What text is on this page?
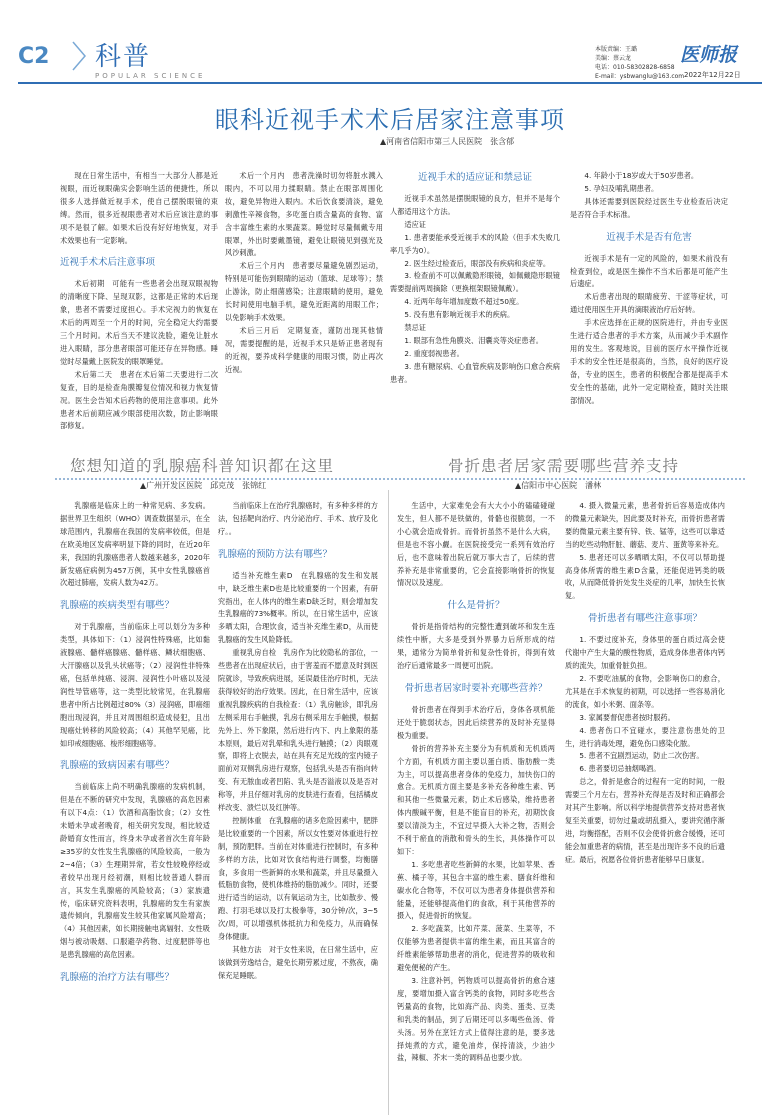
C2 科普
POPULAR SCIENCE
本版责编：王璐
美编：蔡云龙
电话：010-58302828-6858
E-mail：ysbwanglu@163.com
医师报
2022年12月22日
眼科近视手术术后居家注意事项
▲河南省信阳市第三人民医院　张含郁

现在日常生活中，有相当一大部分人都是近视眼，而近视眼确实会影响生活的便捷性，所以很多人选择做近视手术，使自己摆脱眼镜的束缚。然而，很多近视眼患者对术后应该注意的事项不是很了解。如果术后没有好好地恢复，对手术效果也有一定影响。

近视手术术后注意事项

术后初期　可能有一些患者会出现双眼视物的清晰度下降、呈现双影，这都是正常的术后现象，患者不需要过度担心。手术完视力的恢复在术后的两周至一个月的时间，完全稳定大约需要三个月时间。术后当天不建议洗脸，避免让脏水进入眼睛，部分患者眼部可能还存在异物感。睡觉时尽量戴上医院发的眼罩睡觉。

术后第二天　患者在术后第二天要进行二次复查，目的是检查角膜瓣复位情况和视力恢复情况。医生会告知术后药物的使用注意事项。此外患者术后前期应减少眼部使用次数，防止影响眼部修复。

术后一个月内　患者洗澡时切勿将脏水溅入眼内，不可以用力揉眼睛。禁止在眼部周围化妆，避免异物进入眼内。术后饮食要清淡，避免刺激性辛辣食物，多吃蛋白质含量高的食物、富含丰富维生素的水果蔬菜。睡觉时尽量佩戴专用眼罩，外出时要戴墨镜，避免让眼镜见到强光及风沙刺激。

术后三个月内　患者要尽量避免剧烈运动，特别是可能伤到眼睛的运动（篮球、足球等）；禁止游泳，防止细菌感染；注意眼睛的使用，避免长时间使用电脑手机，避免近距离的用眼工作；以免影响手术效果。

术后三月后　定期复查，谨防出现其他情况，需要提醒的是，近视手术只是矫正患者现有的近视，要养成科学健康的用眼习惯，防止再次近视。

近视手术的适应证和禁忌证

近视手术虽然是摆脱眼镜的良方，但并不是每个人都适用这个方法。

适应证

1. 患者要能承受近视手术的风险（但手术失败几率几乎为0）。

2. 医生经过检查后，眼部没有疾病和炎症等。

3. 检查前不可以佩戴隐形眼镜，如佩戴隐形眼镜需要提前两周摘除（更换框架眼镜佩戴）。

4. 近两年每年增加度数不超过50度。

5. 没有患有影响近视手术的疾病。

禁忌证

1. 眼部有急性角膜炎、泪囊炎等炎症患者。

2. 重度弱视患者。

3. 患有糖尿病、心血管疾病及影响伤口愈合疾病患者。

4. 年龄小于18岁或大于50岁患者。

5. 孕妇及哺乳期患者。

具体还需要到医院经过医生专业检查后决定是否符合手术标准。

近视手术是否有危害

近视手术是有一定的风险的，如果术前没有检查到位，或是医生操作不当术后都是可能产生后遗症。

术后患者出现的眼睛疲劳、干涩等症状，可通过使用医生开具的滴眼液治疗后好转。

手术应选择在正规的医院进行，并由专业医生进行适合患者的手术方案，从而减少手术副作用的发生。客观地说，目前的医疗水平操作近视手术的安全性还是很高的，当然，良好的医疗设备，专业的医生，患者的积极配合都是提高手术安全性的基础，此外一定定期检查，随时关注眼部情况。

您想知道的乳腺癌科普知识都在这里
▲广州开发区医院　邱克茂　张锦红

乳腺癌是临床上的一种常见病、多发病。据世界卫生组织（WHO）调查数据显示，在全球范围内，乳腺癌在我国的发病率较低，但是在欧美地区发病率明显下降的同时，在近20年来，我国的乳腺癌患者人数越来越多，2020年新发癌症病例为457万例，其中女性乳腺癌首次超过肺癌，发病人数为42万。

乳腺癌的疾病类型有哪些？

对于乳腺癌，当前临床上可以划分为多种类型，具体如下：（1）浸润性特殊癌，比如黏液腺癌、髓样癌腺癌、髓样癌、鳞状细胞癌、大汗腺癌以及乳头状癌等；（2）浸润性非特殊癌，包括单纯癌、浸润、浸润性小叶癌以及浸润性导管癌等，这一类型比较常见，在乳腺癌患者中所占比例超过80%（3）浸润癌，即癌细胞出现浸润，并且对周围组织造成侵犯，且出现癌灶转移的风险较高；（4）其他罕见癌，比如印戒细胞癌、梭形细胞癌等。

乳腺癌的致病因素有哪些？

当前临床上尚不明确乳腺癌的发病机制，但是在不断的研究中发现，乳腺癌的高危因素有以下4点：（1）饮酒和高脂饮食；（2）女性未婚未孕或者晚育，相关研究发现，相比较适龄婚育女性而言，终身未孕或者首次生育年龄≥35岁的女性发生乳腺癌的风险较高，一般为2~4倍；（3）生理期异常，若女性较晚停经或者较早出现月经初潮，则相比较普通人群而言，其发生乳腺癌的风险较高；（3）家族遗传，临床研究资料表明，乳腺癌的发生有家族遗传倾向，乳腺癌发生较其他家属风险增高；（4）其他因素，如长期接触电离辐射、女性吸烟与被动吸烟、口服避孕药物、过度肥胖等也是患乳腺癌的高危因素。

乳腺癌的治疗方法有哪些？

当前临床上在治疗乳腺癌时，有多种多样的方法，包括靶向治疗、内分泌治疗、手术、放疗及化疗。。

乳腺癌的预防方法有哪些？

适当补充维生素D　在乳腺癌的发生和发展中，缺乏维生素D也是比较重要的一个因素，有研究指出，在人体内的维生素D缺乏时，则会增加发生乳腺癌的73%概率。所以，在日常生活中，应该多晒太阳，合理饮食，适当补充维生素D，从而使乳腺癌的发生风险降低。

重视乳房自检　乳房作为比较隐私的部位，一些患者在出现症状后，由于害羞而不愿意及时到医院就诊，导致疾病进展，延误最佳治疗时机，无法获得较好的治疗效果。因此，在日常生活中，应该重视乳腺疾病的自我检查：（1）乳房触诊，即乳房左侧采用右手触摸，乳房右侧采用左手触摸，根据先外上、外下象限，然后进行内下、内上象限的基本原则，最后对乳晕和乳头进行触摸；（2）肉眼观察，即将上衣脱去，站在具有充足光线的室内镜子面前对双侧乳房进行观察，包括乳头是否有指向转变、有无脓血或者凹陷、乳头是否溢液以及是否对称等，并且仔细对乳房的皮肤进行查看，包括橘皮样改变、溃烂以及红肿等。

控制体重　在乳腺癌的诸多危险因素中，肥胖是比较重要的一个因素，所以女性要对体重进行控制，预防肥胖。当前在对体重进行控制时，有多种多样的方法，比如对饮食结构进行调整，均衡膳食，多食用一些新鲜的水果和蔬菜，并且尽量摄入低脂肪食物，使机体维持的脂肪减少。同时，还要进行适当的运动，以有氧运动为主，比如散步、慢跑、打羽毛球以及打太极拳等，30分钟/次，3~5次/周，可以增强机体抵抗力和免疫力，从而确保身体健康。

其他方法　对于女性来说，在日常生活中，应该做到劳逸结合，避免长期劳累过度，不熬夜，确保充足睡眠。

骨折患者居家需要哪些营养支持
▲信阳市中心医院　潘林

生活中，大家难免会有大大小小的磕磕碰碰发生，但人都不是铁做的，骨骼也很脆弱，一不小心就会造成骨折。而骨折虽然不是什么大病，但是也不容小觑。在医院接受完一系列有效治疗后，也不意味着出院后就万事大吉了，后续的营养补充是非常重要的，它会直接影响骨折的恢复情况以及速度。

什么是骨折？

骨折是指骨结构的完整性遭到破坏和发生连续性中断，大多是受到外界暴力后所形成的结果，通常分为简单骨折和复杂性骨折，得到有效治疗后通常最多一周便可出院。

骨折患者居家时要补充哪些营养？

骨折患者在得到手术治疗后，身体各项机能还处于脆弱状态，因此后续营养的及时补充显得极为重要。

骨折的营养补充主要分为有机质和无机质两个方面，有机质方面主要以蛋白质、脂肪酸一类为主，可以提高患者身体的免疫力，加快伤口的愈合。无机质方面主要是多补充各种维生素、钙和其他一些微量元素，防止术后感染，维持患者体内酸碱平衡，但是不能盲目的补充，初期饮食要以清淡为主，不宜过早摄入大补之物，否则会不利于瘀血的消散和骨头的生长，具体操作可以如下：

1. 多吃患者吃些新鲜的水果，比如苹果、香蕉、橘子等，其包含丰富的维生素、膳食纤维和碳水化合物等，不仅可以为患者身体提供营养和能量，还能够提高他们的食欲，利于其他营养的摄入，促进骨折的恢复。

2. 多吃蔬菜，比如芹菜、菠菜、生菜等，不仅能够为患者提供丰富的维生素，而且其富含的纤维素能够帮助患者的消化，促进营养的吸收和避免便秘的产生。

3. 注意补钙，钙物质可以提高骨折的愈合速度，要增加摄入富含钙类的食物，同时多吃些含钙量高的食物，比如海产品、肉类、蛋类、豆类和乳类的制品，到了后期还可以多喝些鱼汤、骨头汤。另外在烹饪方式上值得注意的是，要多选择炖煮的方式，避免油炸，保持清淡，少油少盐，辣椒、芥末一类的调料品也要少放。

4. 摄入微量元素，患者骨折后容易造成体内的微量元素缺失，因此要及时补充，而骨折患者需要的微量元素主要有锌、铁、锰等，这些可以靠适当的吃些动物肝脏、蘑菇、麦片、蛋黄等来补充。

5. 患者还可以多晒晒太阳，不仅可以帮助提高身体所需的维生素D含量，还能促进钙类的吸收，从而降低骨折处发生炎症的几率，加快生长恢复。

骨折患者有哪些注意事项？

1. 不要过度补充，身体里的蛋白质过高会使代谢中产生大量的酸性物质，造成身体患者体内钙质的流失，加重骨脏负担。

2. 不要吃油腻的食物，会影响伤口的愈合，尤其是在手术恢复的初期，可以选择一些容易消化的流食，如小米粥、面条等。

3. 家属要督促患者按时服药。

4. 患者伤口不宜碰水，要注意伤患处的卫生，进行消毒处理，避免伤口感染化脓。

5. 患者不宜剧烈运动，防止二次伤害。

6. 患者要切忌抽烟喝酒。

总之，骨折是愈合的过程有一定的时间，一般需要三个月左右，营养补充得是否及时和正确都会对其产生影响。所以科学地提供营养支持对患者恢复至关重要，切勿过量或胡乱摄入，要讲究循序渐进，均衡搭配，否则不仅会使骨折愈合缓慢，还可能会加重患者的病情，甚至是出现许多不良的后遗症。最后，祝愿各位骨折患者能够早日康复。
